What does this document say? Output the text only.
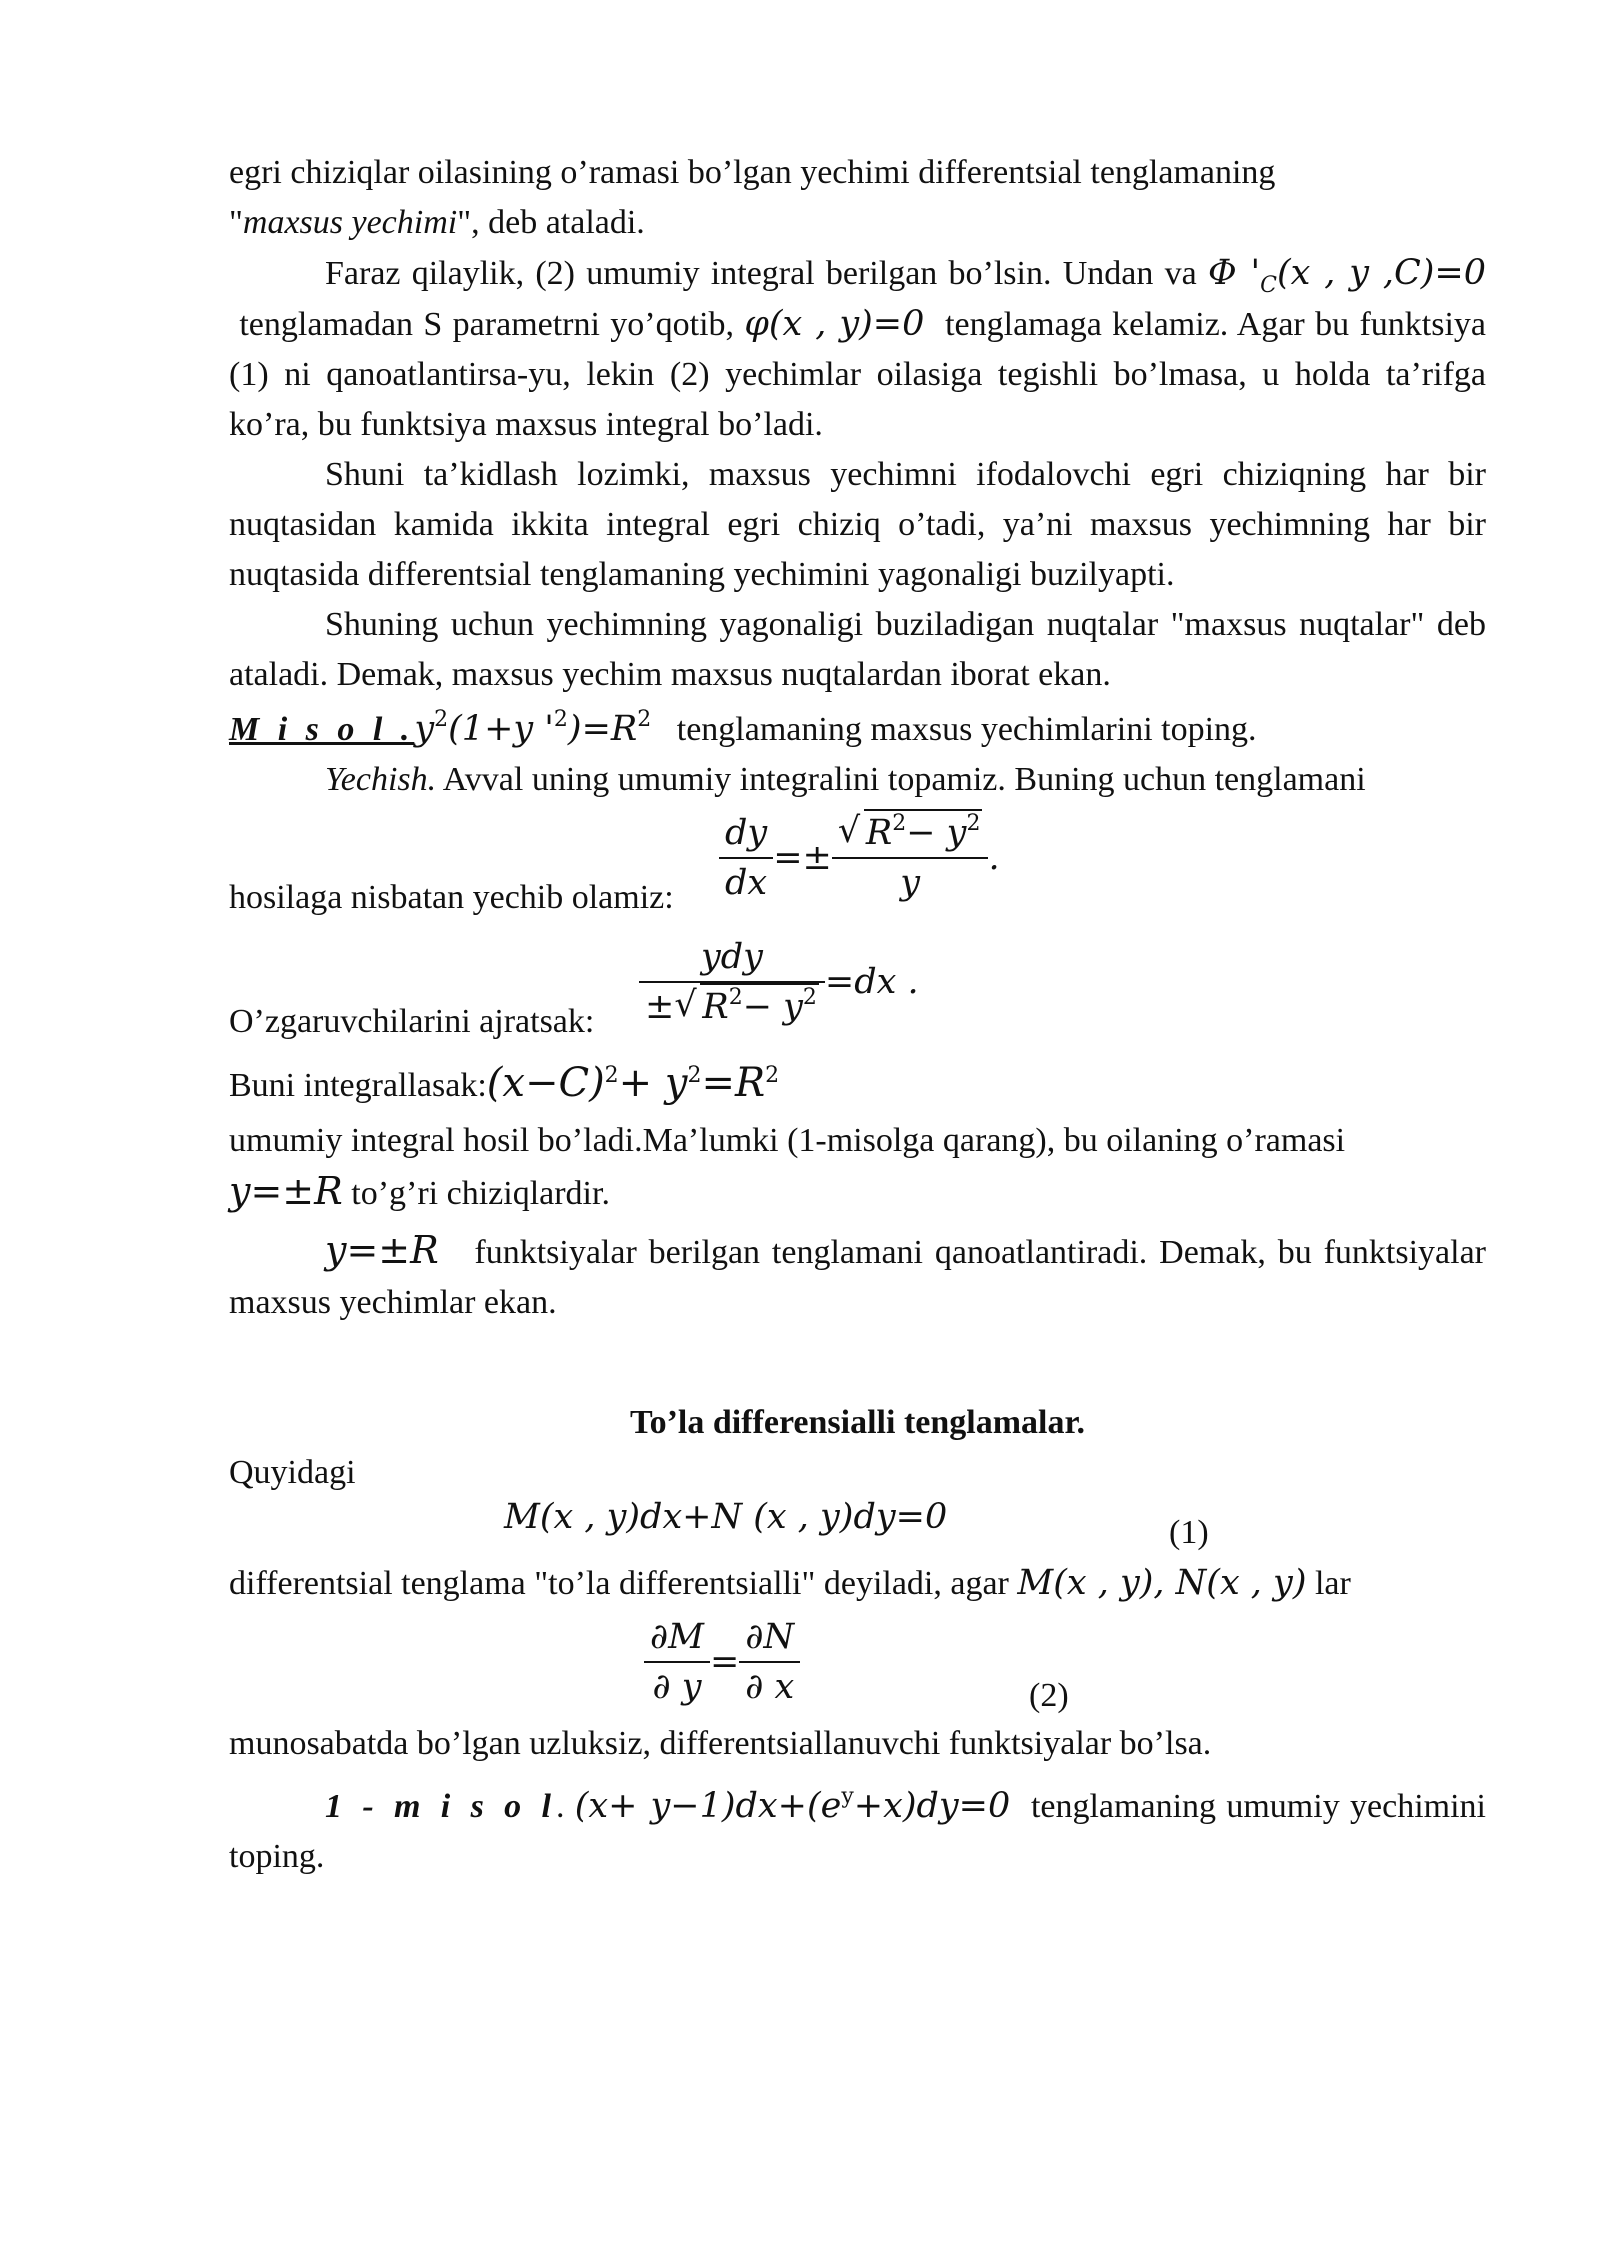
egri chiziqlar oilasining o’ramasi bo’lgan yechimi differentsial tenglamaning
"maxsus yechimi", deb ataladi.

Faraz qilaylik, (2) umumiy integral berilgan bo’lsin. Undan va Φ '$_C(x$ , y ,C)=0  tenglamadan S parametrni yo’qotib, φ(x , y)=0 tenglamaga kelamiz. Agar bu funktsiya (1) ni qanoatlantirsa-yu, lekin (2) yechimlar oilasiga tegishli bo’lmasa, u holda ta’rifga ko’ra, bu funktsiya maxsus integral bo’ladi.

Shuni ta’kidlash lozimki, maxsus yechimni ifodalovchi egri chiziqning har bir nuqtasidan kamida ikkita integral egri chiziq o’tadi, ya’ni maxsus yechimning har bir nuqtasida differentsial tenglamaning yechimini yagonaligi buzilyapti.

Shuning uchun yechimning yagonaligi buziladigan nuqtalar "maxsus nuqtalar" deb ataladi. Demak, maxsus yechim maxsus nuqtalardan iborat ekan.

M i s o l $.y^2(1+y$ '$^2)=R^2$ tenglamaning maxsus yechimlarini toping.

Yechish. Avval uning umumiy integralini topamiz. Buning uchun tenglamani

hosilaga nisbatan yechib olamiz: $\frac{dy}{dx} =\pm \frac{√ R^2- y^2}{y}$ .
O’zgaruvchilarini ajratsak: $\frac{\text{ydy}}{\pm √ R^2- y^2} =dx$ .

Buni $integrallasak:(x-C)^2+ y^2=R^2$

umumiy integral hosil bo’ladi.Ma’lumki (1-misolga qarang), bu oilaning o’ramasi
y=±R to’g’ri chiziqlardir.

y=±R funktsiyalar berilgan tenglamani qanoatlantiradi. Demak, bu funktsiyalar maxsus yechimlar ekan.

To’la differensialli tenglamalar.

Quyidagi

M(x , y)dx+N (x , y)dy=0	(1)

differentsial tenglama "to’la differentsialli" deyiladi, agar M(x , y), N(x , y) lar

$\frac{\partial M}{\partial y} = \frac{\partial N}{\partial x}$	(2)

munosabatda bo’lgan uzluksiz, differentsiallanuvchi funktsiyalar bo’lsa.

1 - m i s o l. $(x+ y-1)dx+(e^y+x)dy=0$ tenglamaning umumiy yechimini toping.
